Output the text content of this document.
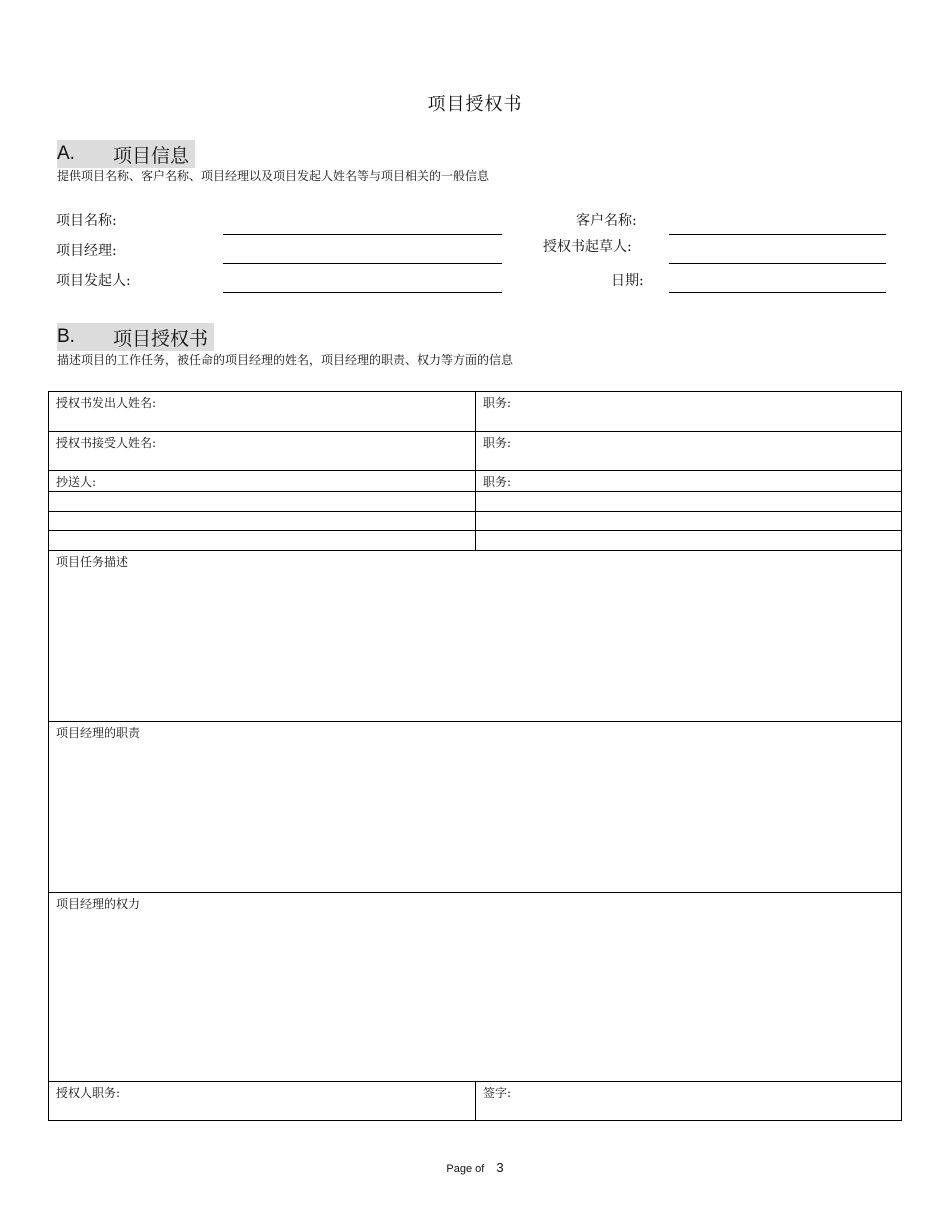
项目授权书
A.	项目信息
提供项目名称、客户名称、项目经理以及项目发起人姓名等与项目相关的一般信息
项目名称:	客户名称:
项目经理:	授权书起草人:
项目发起人:	日期:
B.	项目授权书
描述项目的工作任务，被任命的项目经理的姓名，项目经理的职责、权力等方面的信息
授权书发出人姓名:	职务:
授权书接受人姓名:	职务:
抄送人:	职务:
项目任务描述
项目经理的职责
项目经理的权力
授权人职务:	签字:
Page of 3
